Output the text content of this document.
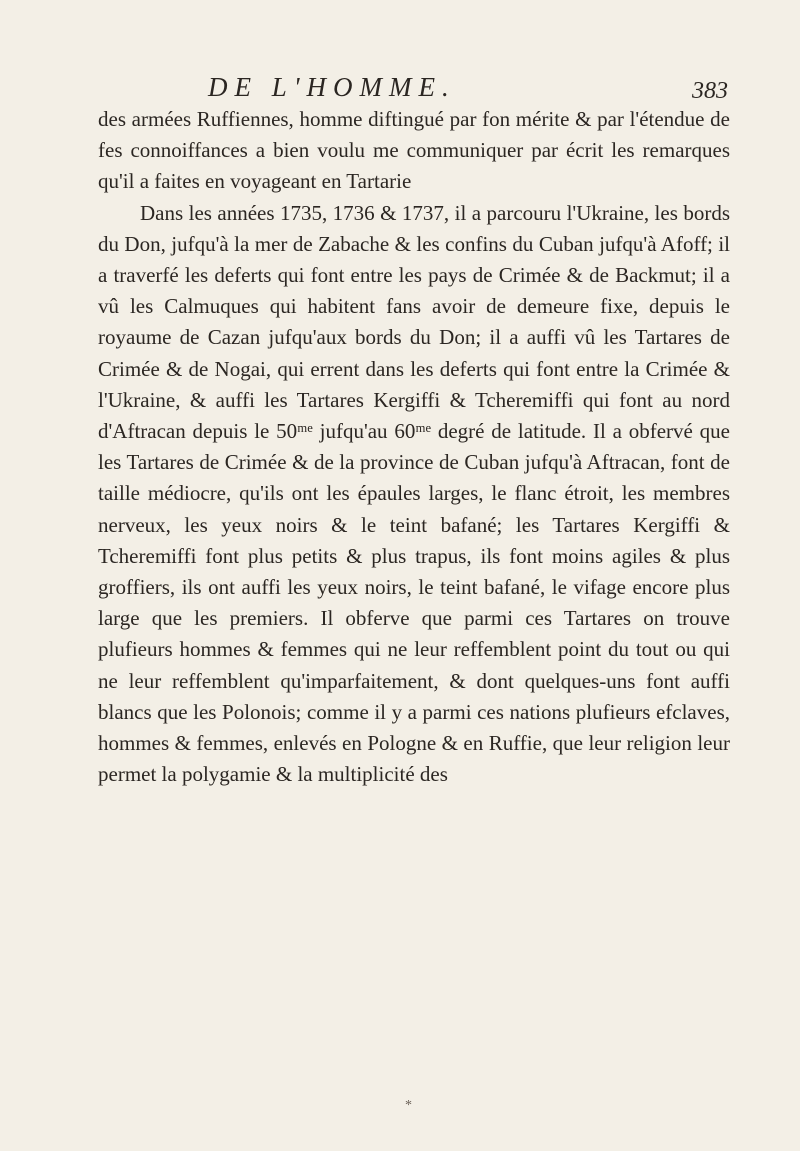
DE L'HOMME.	383

des armées Ruffiennes, homme diftingué par fon mérite & par l'étendue de fes connoiffances a bien voulu me communiquer par écrit les remarques qu'il a faites en voyageant en Tartarie

Dans les années 1735, 1736 & 1737, il a parcouru l'Ukraine, les bords du Don, jufqu'à la mer de Zabache & les confins du Cuban jufqu'à Afoff; il a traverfé les deferts qui font entre les pays de Crimée & de Backmut; il a vû les Calmuques qui habitent fans avoir de demeure fixe, depuis le royaume de Cazan jufqu'aux bords du Don; il a auffi vû les Tartares de Crimée & de Nogai, qui errent dans les deferts qui font entre la Crimée & l'Ukraine, & auffi les Tartares Kergiffi & Tcheremiffi qui font au nord d'Aftracan depuis le 50ᵐᵉ jufqu'au 60ᵐᵉ degré de latitude. Il a obfervé que les Tartares de Crimée & de la province de Cuban jufqu'à Aftracan, font de taille médiocre, qu'ils ont les épaules larges, le flanc étroit, les membres nerveux, les yeux noirs & le teint bafané; les Tartares Kergiffi & Tcheremiffi font plus petits & plus trapus, ils font moins agiles & plus groffiers, ils ont auffi les yeux noirs, le teint bafané, le vifage encore plus large que les premiers. Il obferve que parmi ces Tartares on trouve plufieurs hommes & femmes qui ne leur reffemblent point du tout ou qui ne leur reffemblent qu'imparfaitement, & dont quelques-uns font auffi blancs que les Polonois; comme il y a parmi ces nations plufieurs efclaves, hommes & femmes, enlevés en Pologne & en Ruffie, que leur religion leur permet la polygamie & la multiplicité des

*
